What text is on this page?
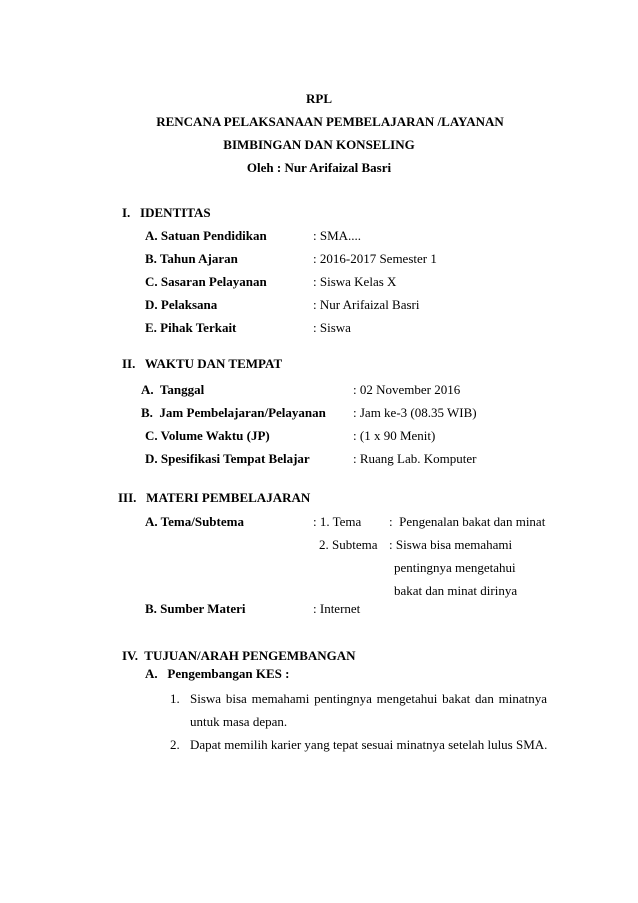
RPL
RENCANA PELAKSANAAN PEMBELAJARAN /LAYANAN
BIMBINGAN DAN KONSELING
Oleh : Nur Arifaizal Basri
I.   IDENTITAS
A. Satuan Pendidikan	: SMA....
B. Tahun Ajaran	: 2016-2017 Semester 1
C. Sasaran Pelayanan	: Siswa Kelas X
D. Pelaksana	: Nur Arifaizal Basri
E. Pihak Terkait	: Siswa
II.   WAKTU DAN TEMPAT
A.  Tanggal	: 02 November 2016
B.  Jam Pembelajaran/Pelayanan : Jam ke-3 (08.35 WIB)
C. Volume Waktu (JP)	: (1 x 90 Menit)
D. Spesifikasi Tempat Belajar	: Ruang Lab. Komputer
III.   MATERI PEMBELAJARAN
A. Tema/Subtema	: 1. Tema :  Pengenalan bakat dan minat
2. Subtema : Siswa bisa memahami
pentingnya mengetahui
bakat dan minat dirinya
B. Sumber Materi	: Internet
IV.  TUJUAN/ARAH PENGEMBANGAN
A.   Pengembangan KES :
1. Siswa bisa memahami pentingnya mengetahui bakat dan minatnya
untuk masa depan.
2. Dapat memilih karier yang tepat sesuai minatnya setelah lulus SMA.
